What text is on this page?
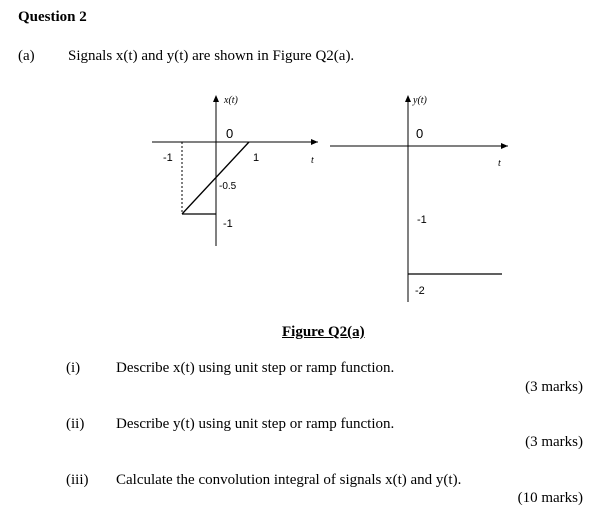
Question 2
(a) Signals x(t) and y(t) are shown in Figure Q2(a).
x(t)
t
0
-1	1
-0.5
-1
y(t)
t
0
-1
-2
Figure Q2(a)
(i) Describe x(t) using unit step or ramp function.
(3 marks)
(ii) Describe y(t) using unit step or ramp function.
(3 marks)
(iii) Calculate the convolution integral of signals x(t) and y(t).
(10 marks)
